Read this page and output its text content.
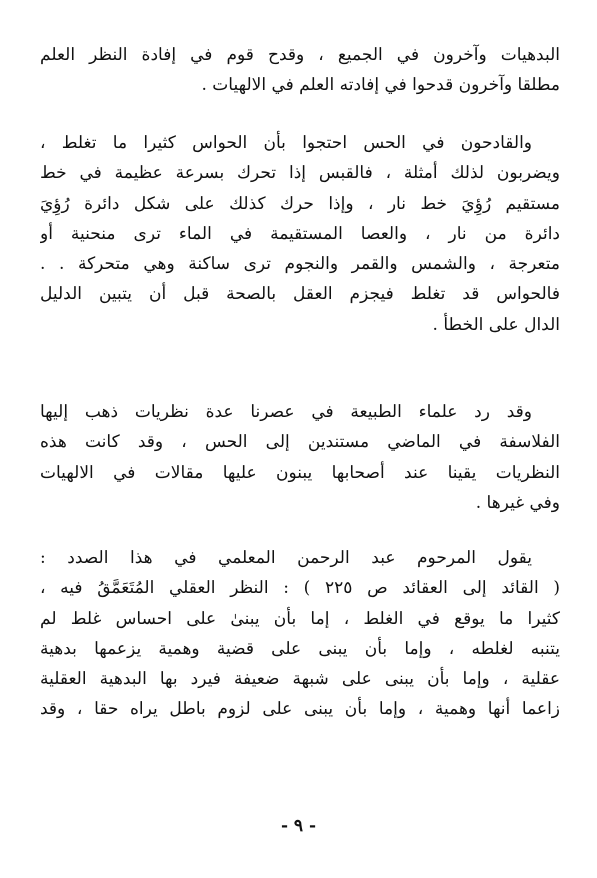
البدهيات وآخرون في الجميع ، وقدح قوم في إفادة النظر العلم
مطلقا وآخرون قدحوا في إفادته العلم في الالهيات .
والقادحون في الحس احتجوا بأن الحواس كثيرا ما تغلط ،
ويضربون لذلك أمثلة ، فالقبس إذا تحرك بسرعة عظيمة في خط
مستقيم رُؤِيَ خط نار ، وإذا حرك كذلك على شكل دائرة رُؤِيَ
دائرة من نار ، والعصا المستقيمة في الماء ترى منحنية أو
متعرجة ، والشمس والقمر والنجوم ترى ساكنة وهي متحركة . .
فالحواس قد تغلط فيجزم العقل بالصحة قبل أن يتبين الدليل
الدال على الخطأ .
وقد رد علماء الطبيعة في عصرنا عدة نظريات ذهب إليها
الفلاسفة في الماضي مستندين إلى الحس ، وقد كانت هذه
النظريات يقينا عند أصحابها يبنون عليها مقالات في الالهيات
وفي غيرها .
يقول المرحوم عبد الرحمن المعلمي في هذا الصدد :
( القائد إلى العقائد ص ٢٢٥ ) : النظر العقلي المُتَعَمَّقُ فيه ،
كثيرا ما يوقع في الغلط ، إما بأن يبنىٰ على احساس غلط لم
يتنبه لغلطه ، وإما بأن يبنى على قضية وهمية يزعمها بدهية
عقلية ، وإما بأن يبنى على شبهة ضعيفة فيرد بها البدهية العقلية
زاعما أنها وهمية ، وإما بأن يبنى على لزوم باطل يراه حقا ، وقد
- ٩ -
